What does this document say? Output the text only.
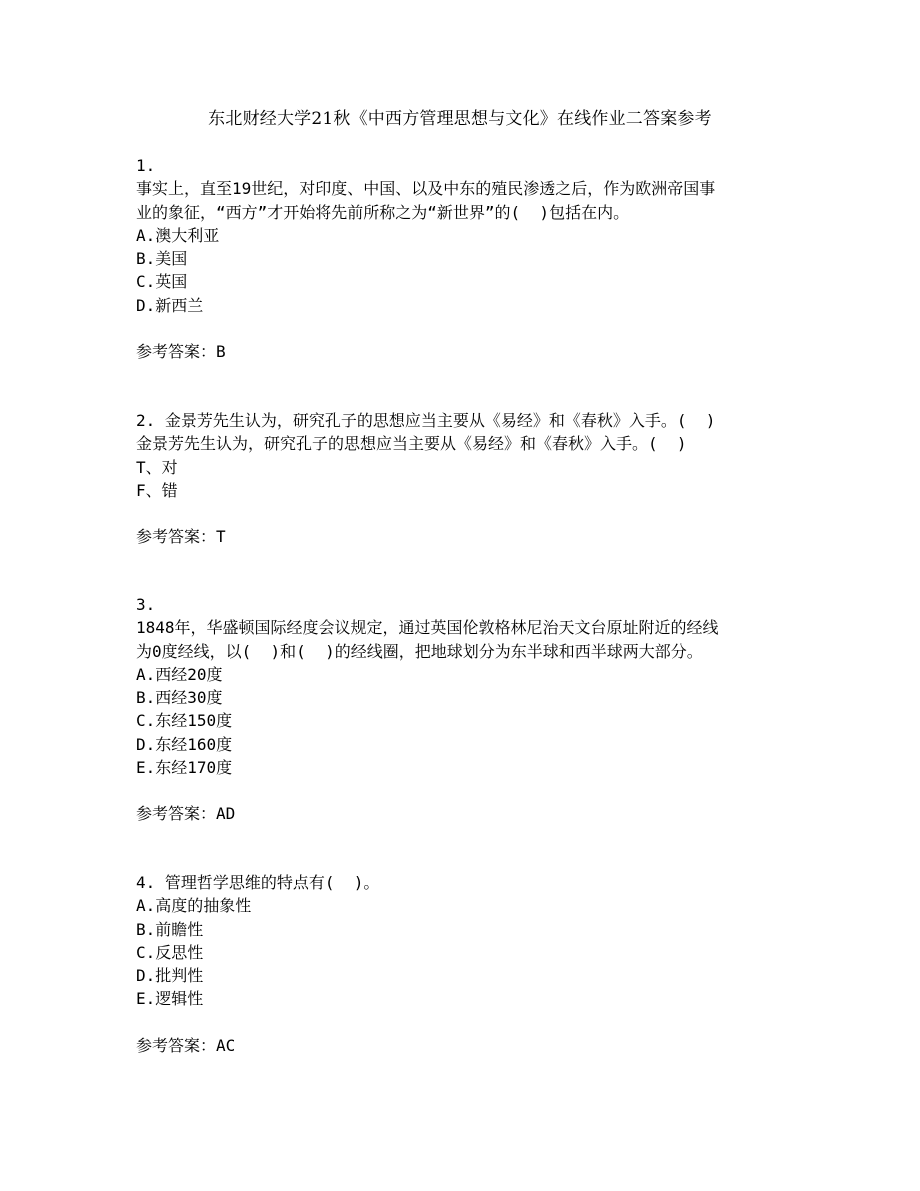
东北财经大学21秋《中西方管理思想与文化》在线作业二答案参考
1.
事实上，直至19世纪，对印度、中国、以及中东的殖民渗透之后，作为欧洲帝国事
业的象征，“西方”才开始将先前所称之为“新世界”的(  )包括在内。
A.澳大利亚
B.美国
C.英国
D.新西兰
参考答案：B
2. 金景芳先生认为，研究孔子的思想应当主要从《易经》和《春秋》入手。(  )
金景芳先生认为，研究孔子的思想应当主要从《易经》和《春秋》入手。(  )
T、对
F、错
参考答案：T
3.
1848年，华盛顿国际经度会议规定，通过英国伦敦格林尼治天文台原址附近的经线
为0度经线，以(  )和(  )的经线圈，把地球划分为东半球和西半球两大部分。
A.西经20度
B.西经30度
C.东经150度
D.东经160度
E.东经170度
参考答案：AD
4. 管理哲学思维的特点有(  )。
A.高度的抽象性
B.前瞻性
C.反思性
D.批判性
E.逻辑性
参考答案：AC
